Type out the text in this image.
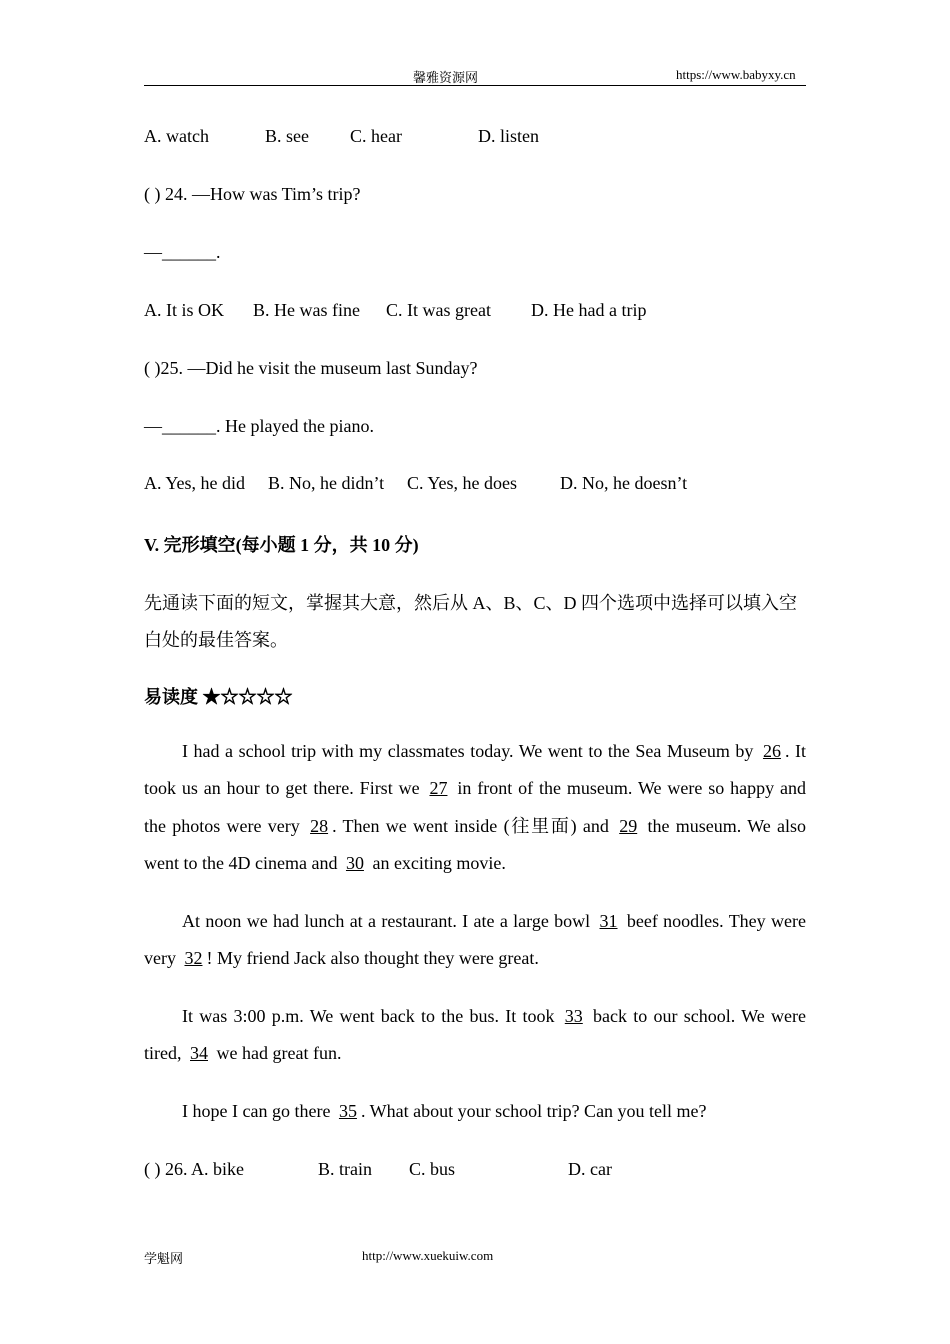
馨雅资源网	https://www.babyxy.cn
A. watch	B. see C. hear	D. listen
( ) 24. —How was Tim’s trip?
—______.
A. It is OK B. He was fine C. It was great D. He had a trip
( )25. —Did he visit the museum last Sunday?
—______. He played the piano.
A. Yes, he did B. No, he didn’t C. Yes, he does D. No, he doesn’t
V. 完形填空(每小题 1 分，共 10 分)
先通读下面的短文，掌握其大意，然后从 A、B、C、D 四个选项中选择可以填入空
白处的最佳答案。
易读度 ★☆☆☆☆

I had a school trip with my classmates today. We went to the Sea Museum by 26 . It took us an hour to get there. First we 27 in front of the museum. We were so happy and the photos were very 28 . Then we went inside (往里面) and 29 the museum. We also went to the 4D cinema and 30 an exciting movie.

At noon we had lunch at a restaurant. I ate a large bowl 31 beef noodles. They were very 32 ! My friend Jack also thought they were great.

It was 3:00 p.m. We went back to the bus. It took 33 back to our school. We were tired, 34 we had great fun.

I hope I can go there 35 . What about your school trip? Can you tell me?

( ) 26. A. bike	B. train C. bus	D. car
学魁网	http://www.xuekuiw.com
